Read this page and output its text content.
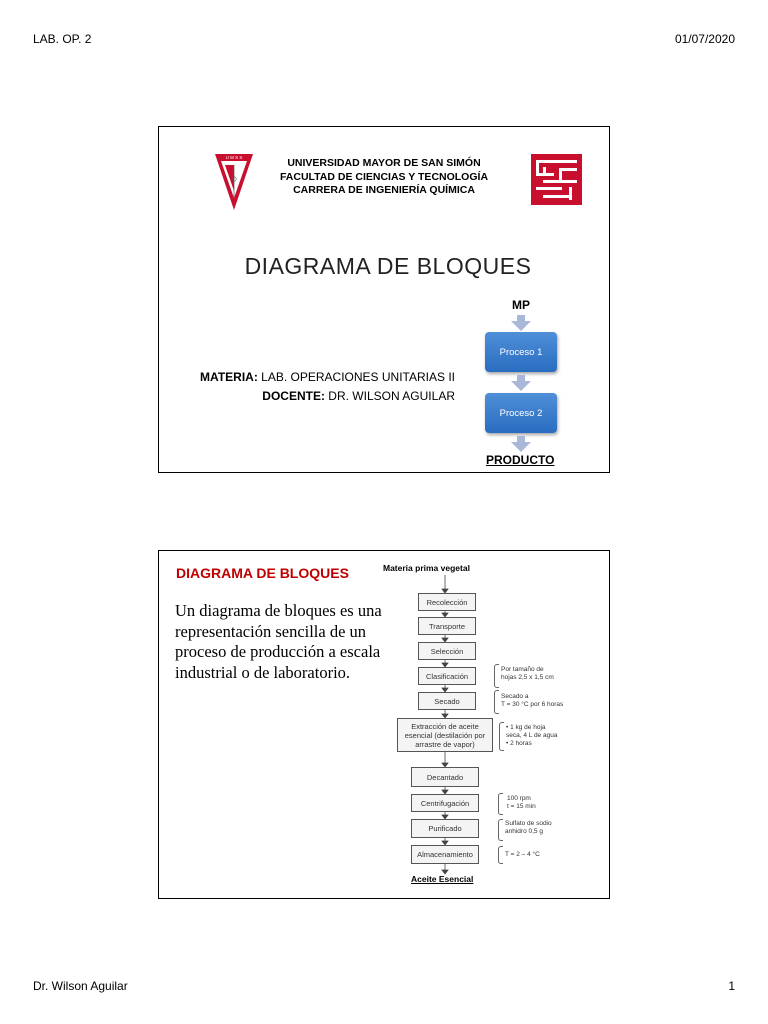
LAB. OP. 2	01/07/2020
U M S S	UNIVERSIDAD MAYOR DE SAN SIMÓN
FACULTAD DE CIENCIAS Y TECNOLOGÍA
CARRERA DE INGENIERÍA QUÍMICA
DIAGRAMA DE BLOQUES
MP
Proceso 1
Proceso 2
PRODUCTO
MATERIA: LAB. OPERACIONES UNITARIAS II
DOCENTE: DR. WILSON AGUILAR
DIAGRAMA DE BLOQUES
Un diagrama de bloques es una representación sencilla de un proceso de producción a escala industrial o de laboratorio.
Materia prima vegetal
Recolección
Transporte
Selección
Clasificación
Secado
Extracción de aceite esencial (destilación por arrastre de vapor)
Decantado
Centrifugación
Purificado
Almacenamiento
Aceite Esencial
Por tamaño de
hojas 2,5 x 1,5 cm
Secado a
T = 30 °C por 6 horas
• 1 kg de hoja
seca, 4 L de agua
• 2 horas
100 rpm
t = 15 min
Sulfato de sodio
anhidro 0,5 g
T = 2 – 4 °C
Dr. Wilson Aguilar	1
